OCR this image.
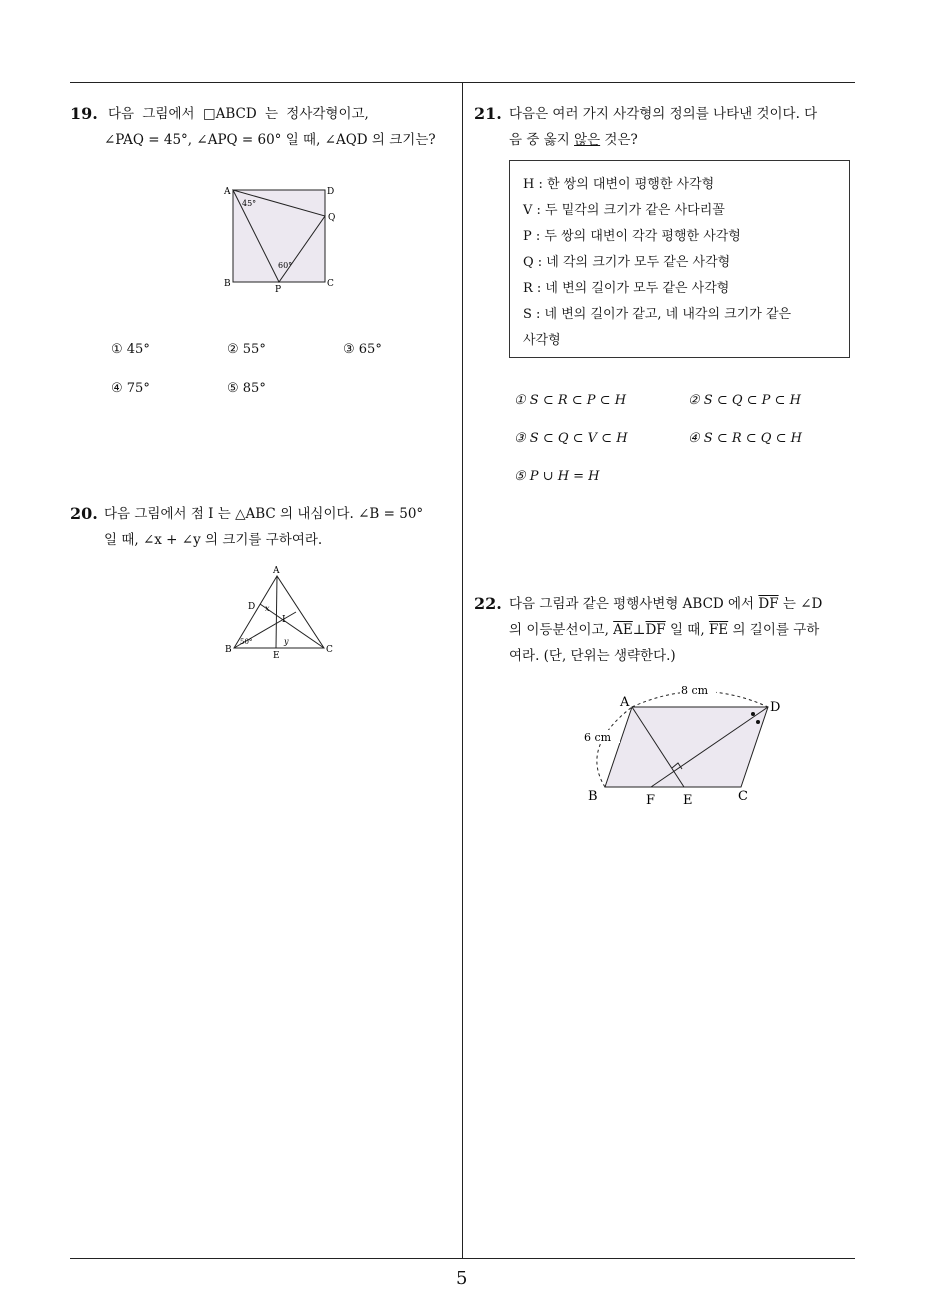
19. 다음 그림에서 □ABCD 는 정사각형이고,
∠PAQ = 45°, ∠APQ = 60° 일 때, ∠AQD 의 크기는?
A	D
Q
B	C
P
45°
60°
① 45°	② 55°	③ 65°
④ 75°	⑤ 85°
20. 다음 그림에서 점 I 는 △ABC 의 내심이다. ∠B = 50°
일 때, ∠x + ∠y 의 크기를 구하여라.
A
B	C
D
E
I
x
y
50°
21. 다음은 여러 가지 사각형의 정의를 나타낸 것이다. 다
음 중 옳지 않은 것은?
H : 한 쌍의 대변이 평행한 사각형
V : 두 밑각의 크기가 같은 사다리꼴
P : 두 쌍의 대변이 각각 평행한 사각형
Q : 네 각의 크기가 모두 같은 사각형
R : 네 변의 길이가 모두 같은 사각형
S : 네 변의 길이가 같고, 네 내각의 크기가 같은
사각형
① S ⊂ R ⊂ P ⊂ H	② S ⊂ Q ⊂ P ⊂ H
③ S ⊂ Q ⊂ V ⊂ H	④ S ⊂ R ⊂ Q ⊂ H
⑤ P ∪ H = H
22. 다음 그림과 같은 평행사변형 ABCD 에서 $\overline{DF}$ 는 ∠D
의 이등분선이고, $\overline{AE}\perp\overline{DF}$ 일 때, $\overline{FE}$ 의 길이를 구하
여라. (단, 단위는 생략한다.)
8 cm
6 cm
A	D
B	C
F E
5
